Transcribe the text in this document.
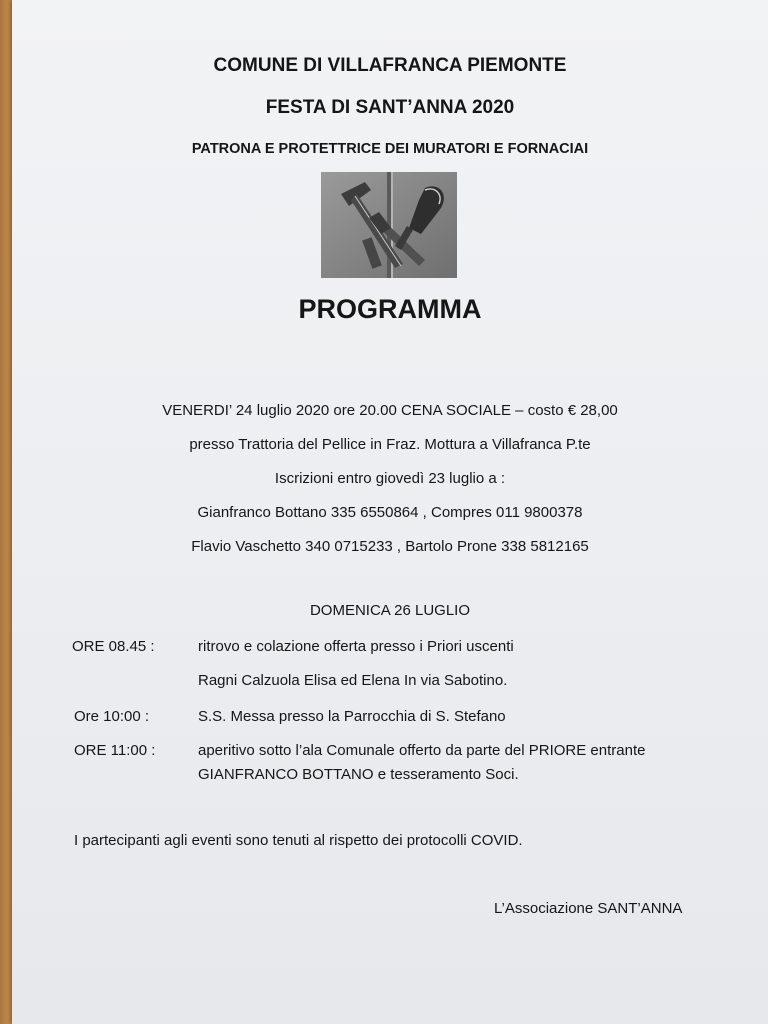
COMUNE DI VILLAFRANCA PIEMONTE
FESTA DI SANT’ANNA 2020
PATRONA E PROTETTRICE DEI MURATORI E FORNACIAI
PROGRAMMA
VENERDI’ 24 luglio 2020 ore 20.00 CENA SOCIALE – costo € 28,00
presso Trattoria del Pellice in Fraz. Mottura a Villafranca P.te
Iscrizioni entro giovedì 23 luglio a :
Gianfranco Bottano 335 6550864 , Compres 011 9800378
Flavio Vaschetto 340 0715233 , Bartolo Prone 338 5812165
DOMENICA 26 LUGLIO
ORE 08.45 :	ritrovo e colazione offerta presso i Priori uscenti
Ragni Calzuola Elisa ed Elena In via Sabotino.
Ore 10:00 :	S.S. Messa presso la Parrocchia di S. Stefano
ORE 11:00 :	aperitivo sotto l’ala Comunale offerto da parte del PRIORE entrante
GIANFRANCO BOTTANO e tesseramento Soci.
I partecipanti agli eventi sono tenuti al rispetto dei protocolli COVID.
L’Associazione SANT’ANNA
